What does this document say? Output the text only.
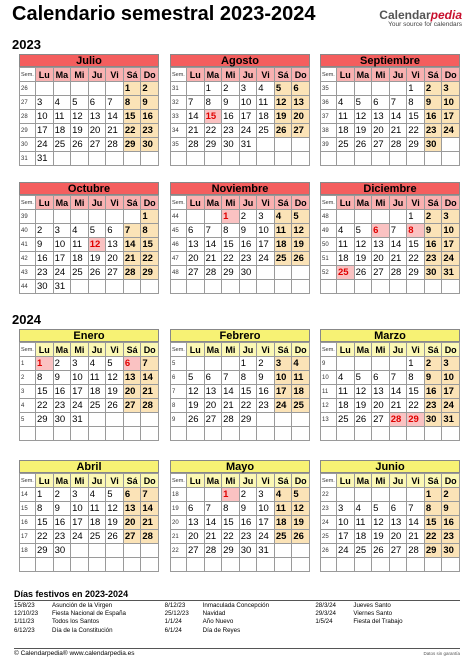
Calendario semestral 2023-2024	Calendarpedia
Your source for calendars
2023
2024
Julio
Sem.	Lu	Ma	Mi	Ju	Vi	Sá	Do
26						1	2
27	3	4	5	6	7	8	9
28	10	11	12	13	14	15	16
29	17	18	19	20	21	22	23
30	24	25	26	27	28	29	30
31	31						
Agosto
Sem.	Lu	Ma	Mi	Ju	Vi	Sá	Do
31		1	2	3	4	5	6
32	7	8	9	10	11	12	13
33	14	15	16	17	18	19	20
34	21	22	23	24	25	26	27
35	28	29	30	31			

Septiembre
Sem.	Lu	Ma	Mi	Ju	Vi	Sá	Do
35					1	2	3
36	4	5	6	7	8	9	10
37	11	12	13	14	15	16	17
38	18	19	20	21	22	23	24
39	25	26	27	28	29	30	

Octubre
Sem.	Lu	Ma	Mi	Ju	Vi	Sá	Do
39							1
40	2	3	4	5	6	7	8
41	9	10	11	12	13	14	15
42	16	17	18	19	20	21	22
43	23	24	25	26	27	28	29
44	30	31					
Noviembre
Sem.	Lu	Ma	Mi	Ju	Vi	Sá	Do
44			1	2	3	4	5
45	6	7	8	9	10	11	12
46	13	14	15	16	17	18	19
47	20	21	22	23	24	25	26
48	27	28	29	30			

Diciembre
Sem.	Lu	Ma	Mi	Ju	Vi	Sá	Do
48					1	2	3
49	4	5	6	7	8	9	10
50	11	12	13	14	15	16	17
51	18	19	20	21	22	23	24
52	25	26	27	28	29	30	31

Enero
Sem.	Lu	Ma	Mi	Ju	Vi	Sá	Do
1	1	2	3	4	5	6	7
2	8	9	10	11	12	13	14
3	15	16	17	18	19	20	21
4	22	23	24	25	26	27	28
5	29	30	31				

Febrero
Sem.	Lu	Ma	Mi	Ju	Vi	Sá	Do
5				1	2	3	4
6	5	6	7	8	9	10	11
7	12	13	14	15	16	17	18
8	19	20	21	22	23	24	25
9	26	27	28	29			

Marzo
Sem.	Lu	Ma	Mi	Ju	Vi	Sá	Do
9					1	2	3
10	4	5	6	7	8	9	10
11	11	12	13	14	15	16	17
12	18	19	20	21	22	23	24
13	25	26	27	28	29	30	31

Abril
Sem.	Lu	Ma	Mi	Ju	Vi	Sá	Do
14	1	2	3	4	5	6	7
15	8	9	10	11	12	13	14
16	15	16	17	18	19	20	21
17	22	23	24	25	26	27	28
18	29	30					

Mayo
Sem.	Lu	Ma	Mi	Ju	Vi	Sá	Do
18			1	2	3	4	5
19	6	7	8	9	10	11	12
20	13	14	15	16	17	18	19
21	20	21	22	23	24	25	26
22	27	28	29	30	31		

Junio
Sem.	Lu	Ma	Mi	Ju	Vi	Sá	Do
22						1	2
23	3	4	5	6	7	8	9
24	10	11	12	13	14	15	16
25	17	18	19	20	21	22	23
26	24	25	26	27	28	29	30

Días festivos en 2023-2024
15/8/23	Asunción de la Virgen
12/10/23	Fiesta Nacional de España
1/11/23	Todos los Santos
6/12/23	Día de la Constitución
8/12/23	Inmaculada Concepción
25/12/23	Navidad
1/1/24	Año Nuevo
6/1/24	Día de Reyes
28/3/24	Jueves Santo
29/3/24	Viernes Santo
1/5/24	Fiesta del Trabajo
© Calendarpedia® www.calendarpedia.es	Datos sin garantía
